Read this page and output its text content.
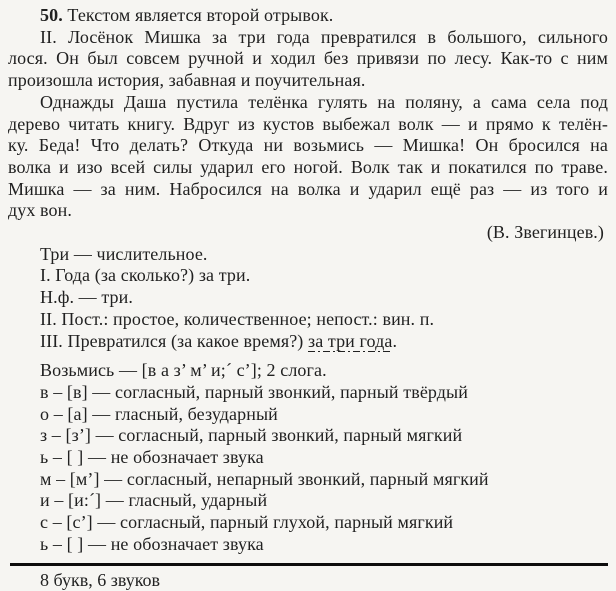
50. Текстом является второй отрывок.
II. Лосёнок Мишка за три года превратился в большого, сильного
лося. Он был совсем ручной и ходил без привязи по лесу. Как-то с ним
произошла история, забавная и поучительная.
Однажды Даша пустила телёнка гулять на поляну, а сама села под
дерево читать книгу. Вдруг из кустов выбежал волк — и прямо к телён-
ку. Беда! Что делать? Откуда ни возьмись — Мишка! Он бросился на
волка и изо всей силы ударил его ногой. Волк так и покатился по траве.
Мишка — за ним. Набросился на волка и ударил ещё раз — из того и
дух вон.
(В. Звегинцев.)
Три — числительное.
I. Года (за сколько?) за три.
Н.ф. — три.
II. Пост.: простое, количественное; непост.: вин. п.
III. Превратился (за какое время?) за три года.
Возьмись — [в а з’ м’ и;´ с’]; 2 слога.
в – [в] — согласный, парный звонкий, парный твёрдый
о – [а] — гласный, безударный
з – [з’] — согласный, парный звонкий, парный мягкий
ь – [ ] — не обозначает звука
м – [м’] — согласный, непарный звонкий, парный мягкий
и – [и:´] — гласный, ударный
с – [с’] — согласный, парный глухой, парный мягкий
ь – [ ] — не обозначает звука
8 букв, 6 звуков
